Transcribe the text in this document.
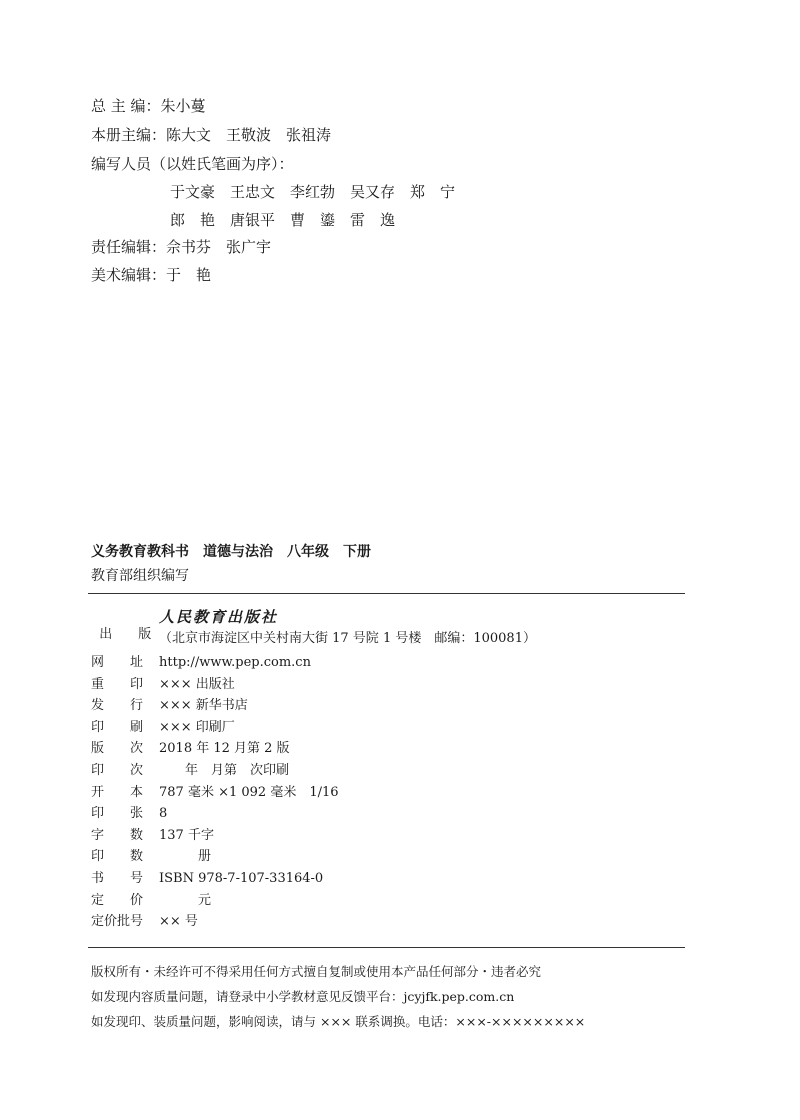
总 主 编：朱小蔓
本册主编：陈大文　王敬波　张祖涛
编写人员（以姓氏笔画为序）：
于文豪　王忠文　李红勃　吴又存　郑　宁
郎　艳　唐银平　曹　鎏　雷　逸
责任编辑：佘书芬　张广宇
美术编辑：于　艳
义务教育教科书　道德与法治　八年级　下册
教育部组织编写

出　　版

人民教育出版社

（北京市海淀区中关村南大街 17 号院 1 号楼　邮编：100081）
网　　址 http://www.pep.com.cn
重　　印 ××× 出版社
发　　行 ××× 新华书店
印　　刷 ××× 印刷厂
版　　次 2018 年 12 月第 2 版
印　　次 　　年　月第　次印刷
开　　本 787 毫米 ×1 092 毫米　1/16
印　　张 8
字　　数 137 千字
印　　数 　　　册
书　　号 ISBN 978-7-107-33164-0
定　　价 　　　元
定价批号 ×× 号
版权所有・未经许可不得采用任何方式擅自复制或使用本产品任何部分・违者必究
如发现内容质量问题，请登录中小学教材意见反馈平台：jcyjfk.pep.com.cn
如发现印、装质量问题，影响阅读，请与 ××× 联系调换。电话：×××-×××××××××
